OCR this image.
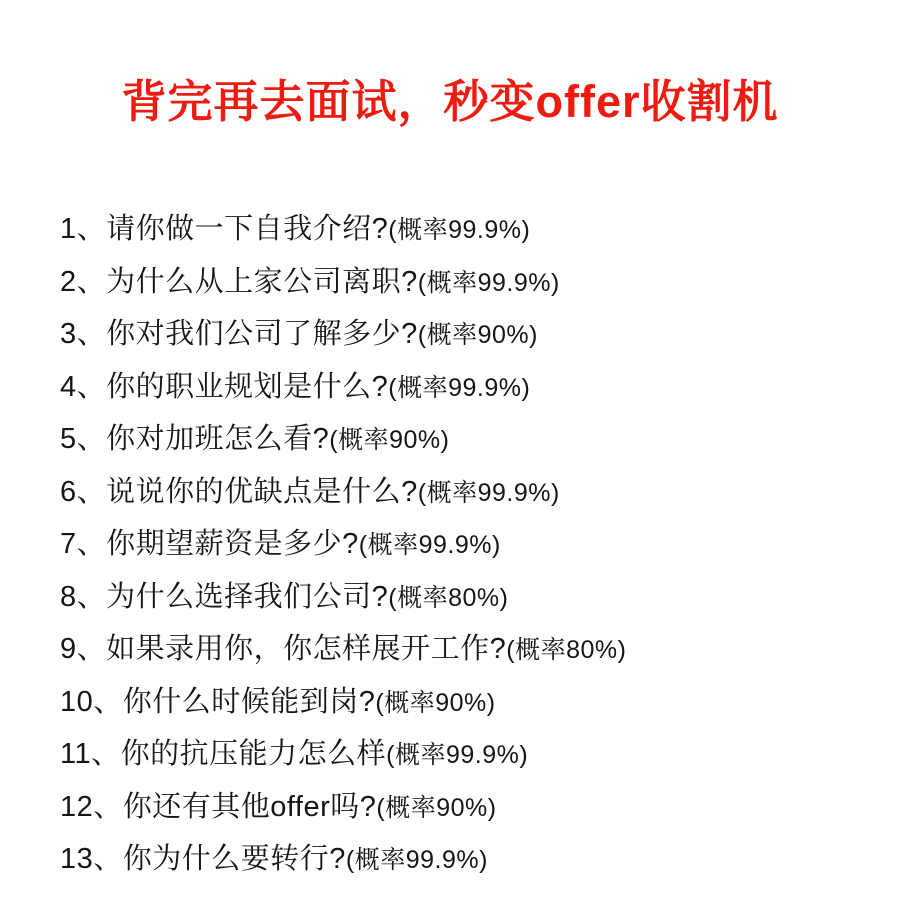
背完再去面试，秒变offer收割机
1、请你做一下自我介绍?(概率99.9%)
2、为什么从上家公司离职?(概率99.9%)
3、你对我们公司了解多少?(概率90%)
4、你的职业规划是什么?(概率99.9%)
5、你对加班怎么看?(概率90%)
6、说说你的优缺点是什么?(概率99.9%)
7、你期望薪资是多少?(概率99.9%)
8、为什么选择我们公司?(概率80%)
9、如果录用你，你怎样展开工作?(概率80%)
10、你什么时候能到岗?(概率90%)
11、你的抗压能力怎么样(概率99.9%)
12、你还有其他offer吗?(概率90%)
13、你为什么要转行?(概率99.9%)
